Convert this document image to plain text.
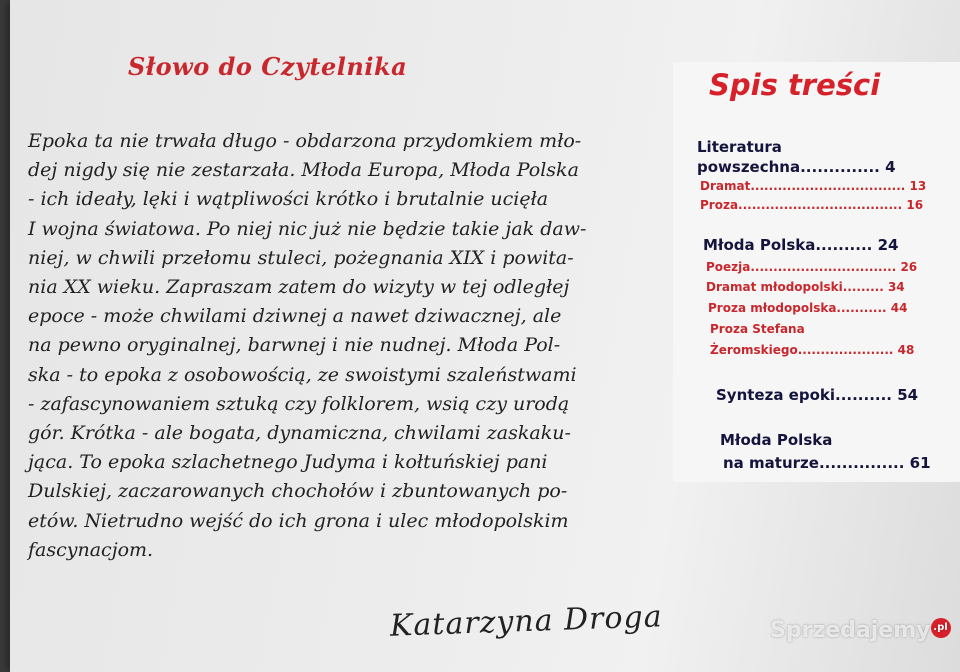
Słowo do Czytelnika
Epoka ta nie trwała długo - obdarzona przydomkiem mło-
dej nigdy się nie zestarzała. Młoda Europa, Młoda Polska
- ich ideały, lęki i wątpliwości krótko i brutalnie ucięła
I wojna światowa. Po niej nic już nie będzie takie jak daw-
niej, w chwili przełomu stuleci, pożegnania XIX i powita-
nia XX wieku. Zapraszam zatem do wizyty w tej odległej
epoce - może chwilami dziwnej a nawet dziwacznej, ale
na pewno oryginalnej, barwnej i nie nudnej. Młoda Pol-
ska - to epoka z osobowością, ze swoistymi szaleństwami
- zafascynowaniem sztuką czy folklorem, wsią czy urodą
gór. Krótka - ale bogata, dynamiczna, chwilami zaskaku-
jąca. To epoka szlachetnego Judyma i kołtuńskiej pani
Dulskiej, zaczarowanych chochołów i zbuntowanych po-
etów. Nietrudno wejść do ich grona i ulec młodopolskim
fascynacjom.
Katarzyna Droga
Spis treści
Literatura
powszechna.............. 4
Dramat.................................. 13
Proza.................................... 16
Młoda Polska.......... 24
Poezja................................ 26
Dramat młodopolski......... 34
Proza młodopolska........... 44
Proza Stefana
Żeromskiego..................... 48
Synteza epoki.......... 54
Młoda Polska
na maturze............... 61
Sprzedajemy .pl
